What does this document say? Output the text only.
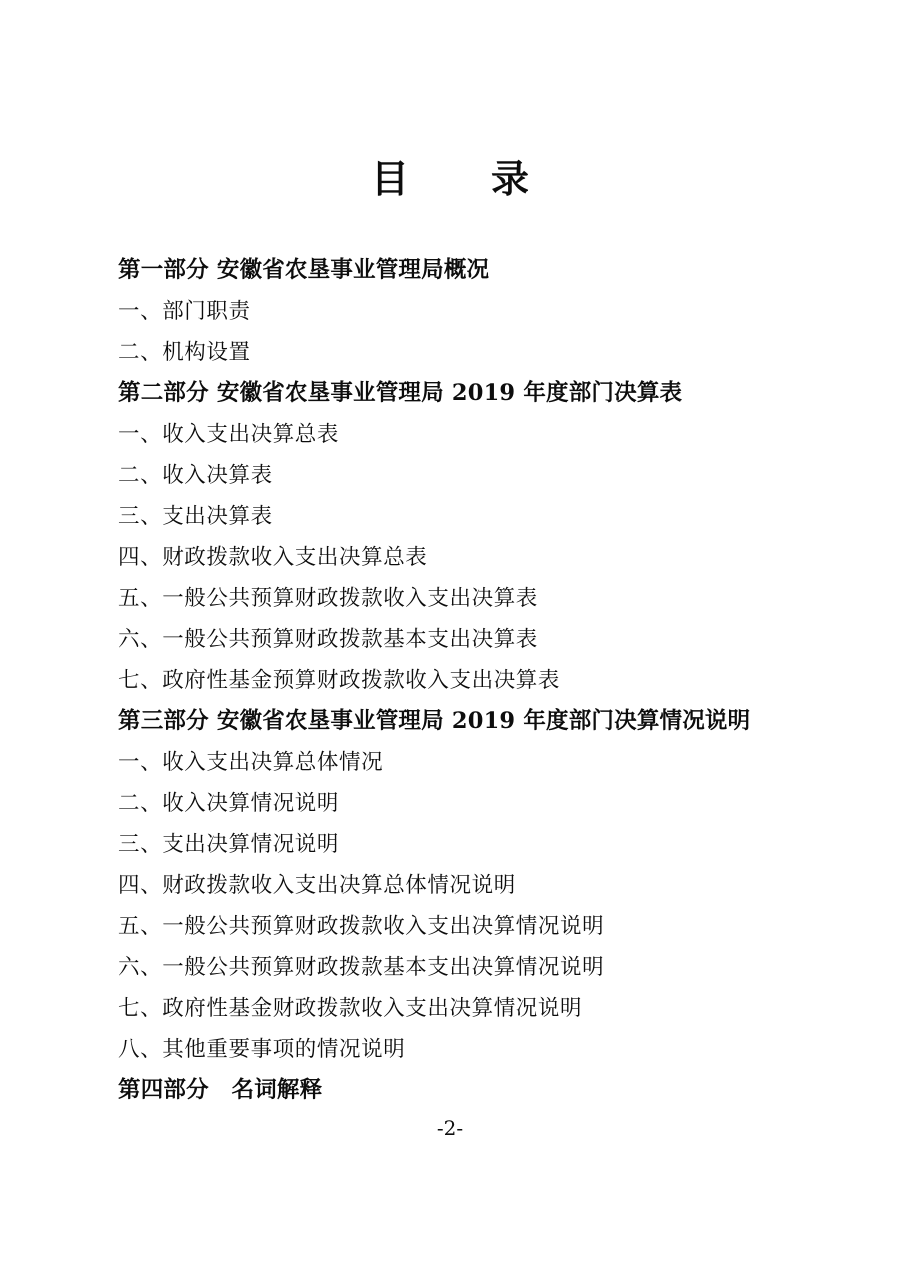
目　录
第一部分 安徽省农垦事业管理局概况
一、部门职责
二、机构设置
第二部分 安徽省农垦事业管理局 2019 年度部门决算表
一、收入支出决算总表
二、收入决算表
三、支出决算表
四、财政拨款收入支出决算总表
五、一般公共预算财政拨款收入支出决算表
六、一般公共预算财政拨款基本支出决算表
七、政府性基金预算财政拨款收入支出决算表
第三部分 安徽省农垦事业管理局 2019 年度部门决算情况说明
一、收入支出决算总体情况
二、收入决算情况说明
三、支出决算情况说明
四、财政拨款收入支出决算总体情况说明
五、一般公共预算财政拨款收入支出决算情况说明
六、一般公共预算财政拨款基本支出决算情况说明
七、政府性基金财政拨款收入支出决算情况说明
八、其他重要事项的情况说明
第四部分　名词解释
-2-
